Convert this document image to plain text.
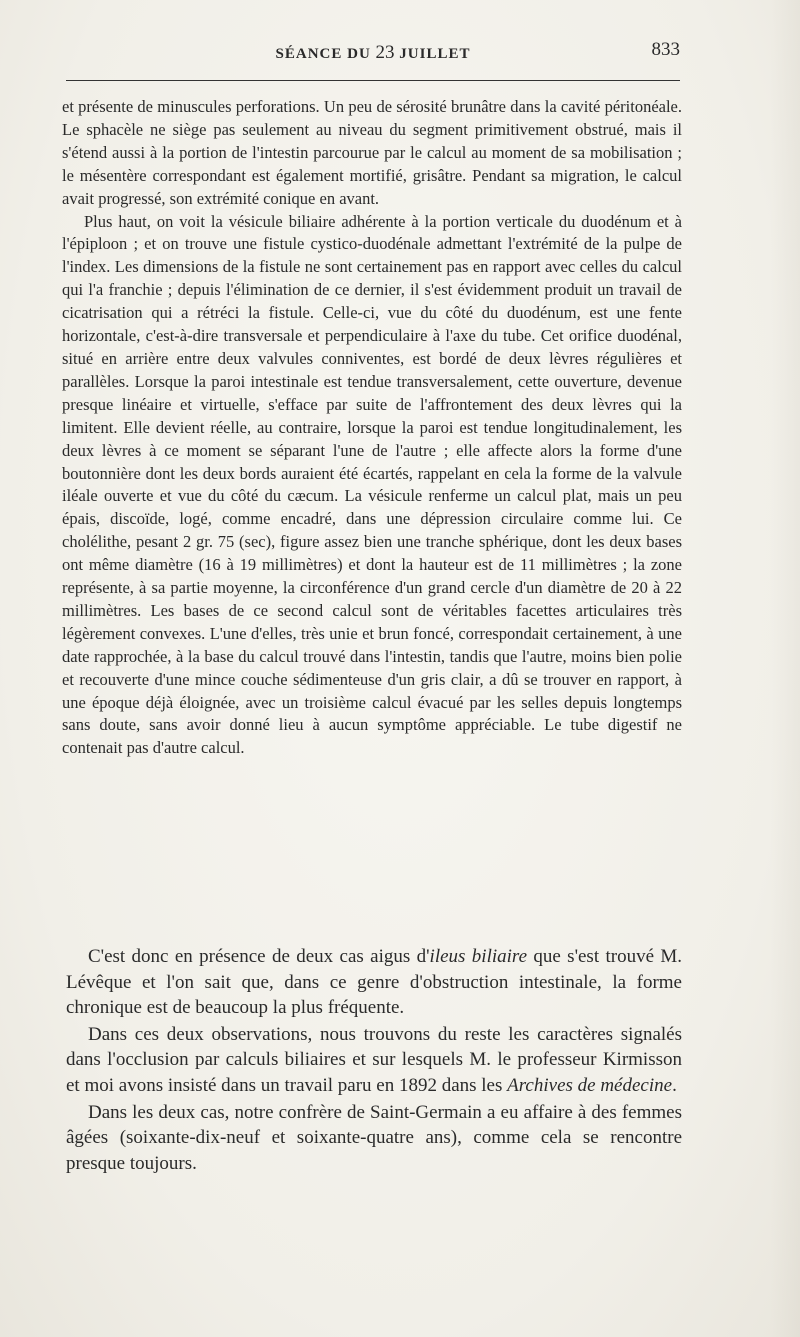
SÉANCE DU 23 JUILLET	833

et présente de minuscules perforations. Un peu de sérosité brunâtre dans la cavité péritonéale. Le sphacèle ne siège pas seulement au niveau du segment primitivement obstrué, mais il s'étend aussi à la portion de l'intestin parcourue par le calcul au moment de sa mobilisation ; le mésentère correspondant est également mortifié, grisâtre. Pendant sa migration, le calcul avait progressé, son extrémité conique en avant.

Plus haut, on voit la vésicule biliaire adhérente à la portion verticale du duodénum et à l'épiploon ; et on trouve une fistule cystico-duodénale admettant l'extrémité de la pulpe de l'index. Les dimensions de la fistule ne sont certainement pas en rapport avec celles du calcul qui l'a franchie ; depuis l'élimination de ce dernier, il s'est évidemment produit un travail de cicatrisation qui a rétréci la fistule. Celle-ci, vue du côté du duodénum, est une fente horizontale, c'est-à-dire transversale et perpendiculaire à l'axe du tube. Cet orifice duodénal, situé en arrière entre deux valvules conniventes, est bordé de deux lèvres régulières et parallèles. Lorsque la paroi intestinale est tendue transversalement, cette ouverture, devenue presque linéaire et virtuelle, s'efface par suite de l'affrontement des deux lèvres qui la limitent. Elle devient réelle, au contraire, lorsque la paroi est tendue longitudinalement, les deux lèvres à ce moment se séparant l'une de l'autre ; elle affecte alors la forme d'une boutonnière dont les deux bords auraient été écartés, rappelant en cela la forme de la valvule iléale ouverte et vue du côté du cæcum. La vésicule renferme un calcul plat, mais un peu épais, discoïde, logé, comme encadré, dans une dépression circulaire comme lui. Ce cholélithe, pesant 2 gr. 75 (sec), figure assez bien une tranche sphérique, dont les deux bases ont même diamètre (16 à 19 millimètres) et dont la hauteur est de 11 millimètres ; la zone représente, à sa partie moyenne, la circonférence d'un grand cercle d'un diamètre de 20 à 22 millimètres. Les bases de ce second calcul sont de véritables facettes articulaires très légèrement convexes. L'une d'elles, très unie et brun foncé, correspondait certainement, à une date rapprochée, à la base du calcul trouvé dans l'intestin, tandis que l'autre, moins bien polie et recouverte d'une mince couche sédimenteuse d'un gris clair, a dû se trouver en rapport, à une époque déjà éloignée, avec un troisième calcul évacué par les selles depuis longtemps sans doute, sans avoir donné lieu à aucun symptôme appréciable. Le tube digestif ne contenait pas d'autre calcul.

C'est donc en présence de deux cas aigus d'ileus biliaire que s'est trouvé M. Lévêque et l'on sait que, dans ce genre d'obstruction intestinale, la forme chronique est de beaucoup la plus fréquente.

Dans ces deux observations, nous trouvons du reste les caractères signalés dans l'occlusion par calculs biliaires et sur lesquels M. le professeur Kirmisson et moi avons insisté dans un travail paru en 1892 dans les Archives de médecine.

Dans les deux cas, notre confrère de Saint-Germain a eu affaire à des femmes âgées (soixante-dix-neuf et soixante-quatre ans), comme cela se rencontre presque toujours.
